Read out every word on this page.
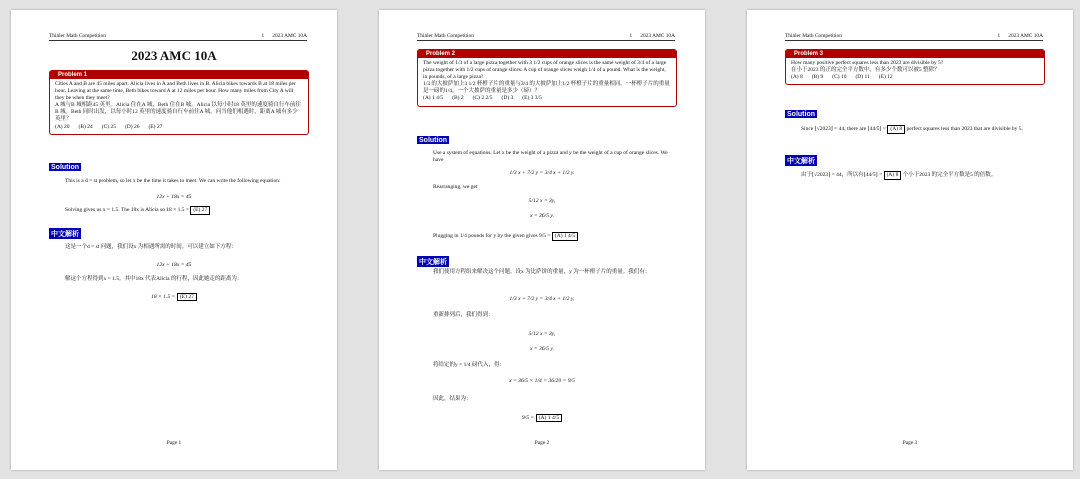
Thinler Math Competition	1 2023 AMC 10A
2023 AMC 10A
Problem 1
Cities A and B are 45 miles apart. Alicia lives in A and Beth lives in B. Alicia bikes towards B at 18 miles per hour. Leaving at the same time, Beth bikes toward A at 12 miles per hour. How many miles from City A will they be when they meet?
A 城与B 城相距45 英里。Alicia 住在A 城，Beth 住在B 城。Alicia 以每小时18 英里的速度骑自行车前往B 城。Beth 同时出发，以每小时12 英里的速度骑自行车前往A 城。问当他们相遇时，距离A 城有多少英里？
(A) 20 (B) 24 (C) 25 (D) 26 (E) 27
Solution
This is a d = st problem, so let x be the time it takes to meet. We can write the following equation:
12x + 18x = 45
Solving gives us x = 1.5. The 18x is Alicia so 18 × 1.5 = (E) 27
中文解析
这是一个d = st 问题，我们设x 为相遇所需的时间。可以建立如下方程：
12x + 18x = 45
解这个方程得到x = 1.5。其中18x 代表Alicia 的行程，因此她走的距离为：
18 × 1.5 = (E) 27
Page 1
Thinler Math Competition	1 2023 AMC 10A
Problem 2
The weight of 1/3 of a large pizza together with 3 1/2 cups of orange slices is the same weight of 3/4 of a large pizza together with 1/2 cups of orange slices. A cup of orange slices weigh 1/4 of a pound. What is the weight, in pounds, of a large pizza?
1/3 的大披萨加上3 1/2 杯橙子片的重量与3/4 的大披萨加上1/2 杯橙子片的重量相同。一杯橙子片的重量是一磅的1/4。一个大披萨的重量是多少（磅）？
(A) 1 4/5 (B) 2 (C) 2 2/5 (D) 3 (E) 3 3/5
Solution
Use a system of equations. Let x be the weight of a pizza and y be the weight of a cup of orange slices. We have
1/3 x + 7/2 y = 3/4 x + 1/2 y.
Rearranging, we get
5/12 x = 3y,
x = 36/5 y.
Plugging in 1/4 pounds for y by the given gives 9/5 = (A) 1 4/5
中文解析
我们使用方程组来解决这个问题。设x 为比萨饼的重量，y 为一杯橙子片的重量。我们有：
1/3 x + 7/2 y = 3/4 x + 1/2 y.
重新排列后，我们得到：
5/12 x = 3y,
x = 36/5 y.
将给定的y = 1/4 磅代入，得：
x = 36/5 × 1/4 = 36/20 = 9/5
因此，结果为：
9/5 = (A) 1 4/5
Page 2
Thinler Math Competition	1 2023 AMC 10A
Problem 3
How many positive perfect squares less than 2023 are divisible by 5?
在小于2023 的正的完全平方数中，有多少个数可以被5 整除？
(A) 8 (B) 9 (C) 10 (D) 11 (E) 12
Solution
Since ⌊√2023⌋ = 44, there are ⌊44/5⌋ = (A) 8 perfect squares less than 2023 that are divisible by 5.
中文解析
由于⌊√2023⌋ = 44，所以有⌊44/5⌋ = (A) 8 个小于2023 的完全平方数是5 的倍数。
Page 3
